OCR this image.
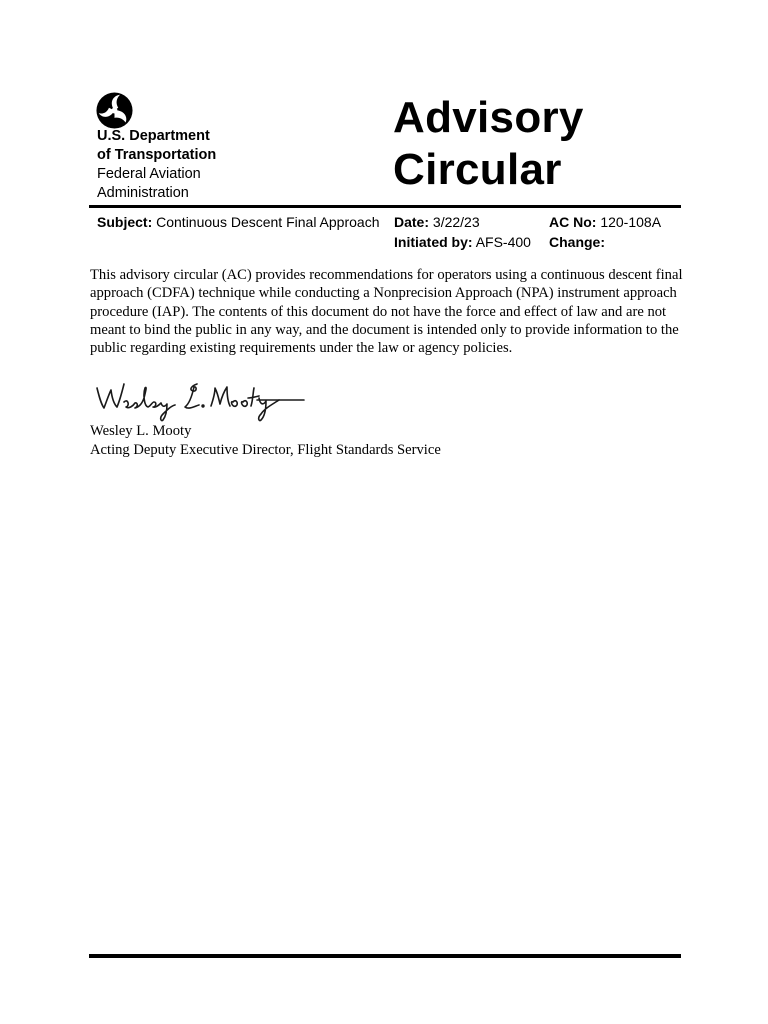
U.S. Department
of Transportation
Federal Aviation
Administration
Advisory
Circular
Subject: Continuous Descent Final Approach Date: 3/22/23
Initiated by: AFS-400
AC No: 120-108A
Change:

This advisory circular (AC) provides recommendations for operators using a continuous descent final approach (CDFA) technique while conducting a Nonprecision Approach (NPA) instrument approach procedure (IAP). The contents of this document do not have the force and effect of law and are not meant to bind the public in any way, and the document is intended only to provide information to the public regarding existing requirements under the law or agency policies.

Wesley L. Mooty
Acting Deputy Executive Director, Flight Standards Service
